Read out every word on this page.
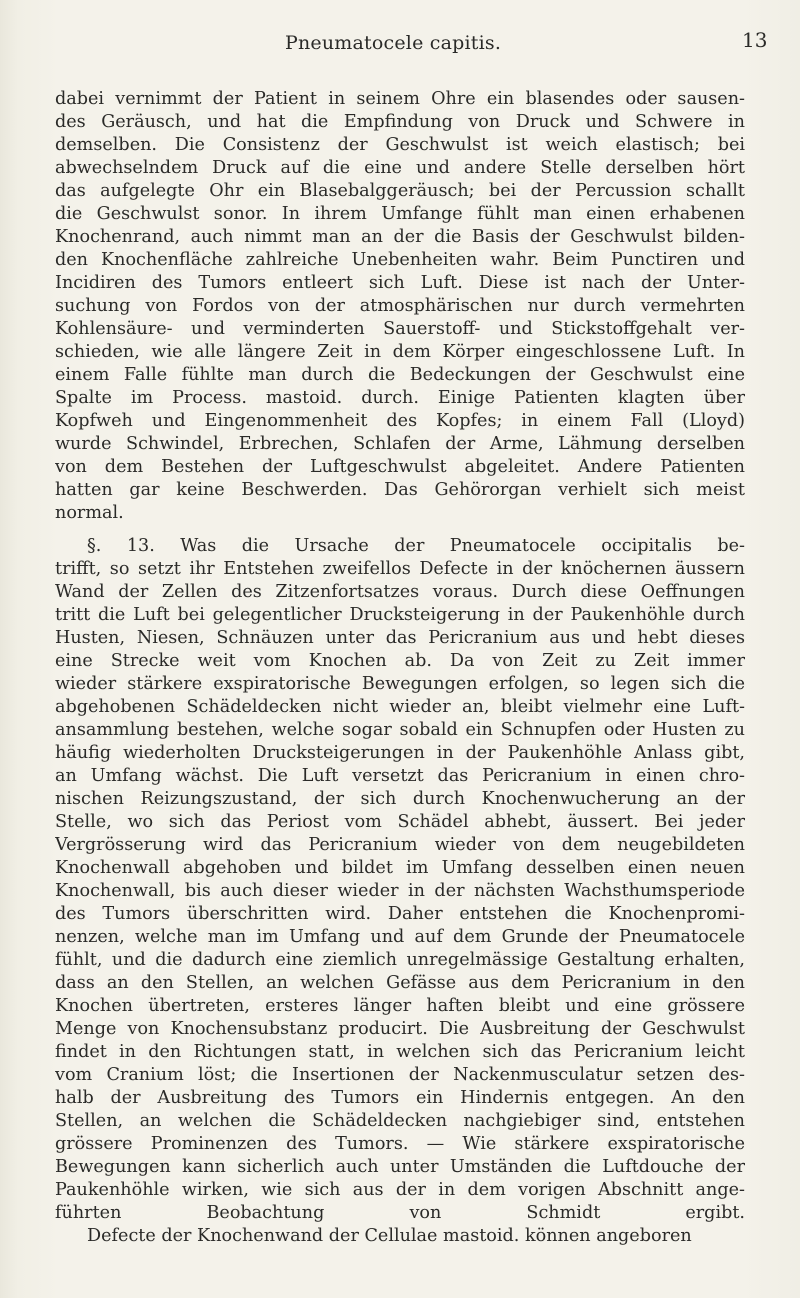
Pneumatocele capitis.	13
dabei vernimmt der Patient in seinem Ohre ein blasendes oder sausen-
des Geräusch, und hat die Empfindung von Druck und Schwere in
demselben. Die Consistenz der Geschwulst ist weich elastisch; bei
abwechselndem Druck auf die eine und andere Stelle derselben hört
das aufgelegte Ohr ein Blasebalggeräusch; bei der Percussion schallt
die Geschwulst sonor. In ihrem Umfange fühlt man einen erhabenen
Knochenrand, auch nimmt man an der die Basis der Geschwulst bilden-
den Knochenfläche zahlreiche Unebenheiten wahr. Beim Punctiren und
Incidiren des Tumors entleert sich Luft. Diese ist nach der Unter-
suchung von Fordos von der atmosphärischen nur durch vermehrten
Kohlensäure- und verminderten Sauerstoff- und Stickstoffgehalt ver-
schieden, wie alle längere Zeit in dem Körper eingeschlossene Luft. In
einem Falle fühlte man durch die Bedeckungen der Geschwulst eine
Spalte im Process. mastoid. durch. Einige Patienten klagten über
Kopfweh und Eingenommenheit des Kopfes; in einem Fall (Lloyd)
wurde Schwindel, Erbrechen, Schlafen der Arme, Lähmung derselben
von dem Bestehen der Luftgeschwulst abgeleitet. Andere Patienten
hatten gar keine Beschwerden. Das Gehörorgan verhielt sich meist
normal.
§. 13. Was die Ursache der Pneumatocele occipitalis be-
trifft, so setzt ihr Entstehen zweifellos Defecte in der knöchernen äussern
Wand der Zellen des Zitzenfortsatzes voraus. Durch diese Oeffnungen
tritt die Luft bei gelegentlicher Drucksteigerung in der Paukenhöhle durch
Husten, Niesen, Schnäuzen unter das Pericranium aus und hebt dieses
eine Strecke weit vom Knochen ab. Da von Zeit zu Zeit immer
wieder stärkere exspiratorische Bewegungen erfolgen, so legen sich die
abgehobenen Schädeldecken nicht wieder an, bleibt vielmehr eine Luft-
ansammlung bestehen, welche sogar sobald ein Schnupfen oder Husten zu
häufig wiederholten Drucksteigerungen in der Paukenhöhle Anlass gibt,
an Umfang wächst. Die Luft versetzt das Pericranium in einen chro-
nischen Reizungszustand, der sich durch Knochenwucherung an der
Stelle, wo sich das Periost vom Schädel abhebt, äussert. Bei jeder
Vergrösserung wird das Pericranium wieder von dem neugebildeten
Knochenwall abgehoben und bildet im Umfang desselben einen neuen
Knochenwall, bis auch dieser wieder in der nächsten Wachsthumsperiode
des Tumors überschritten wird. Daher entstehen die Knochenpromi-
nenzen, welche man im Umfang und auf dem Grunde der Pneumatocele
fühlt, und die dadurch eine ziemlich unregelmässige Gestaltung erhalten,
dass an den Stellen, an welchen Gefässe aus dem Pericranium in den
Knochen übertreten, ersteres länger haften bleibt und eine grössere
Menge von Knochensubstanz producirt. Die Ausbreitung der Geschwulst
findet in den Richtungen statt, in welchen sich das Pericranium leicht
vom Cranium löst; die Insertionen der Nackenmusculatur setzen des-
halb der Ausbreitung des Tumors ein Hindernis entgegen. An den
Stellen, an welchen die Schädeldecken nachgiebiger sind, entstehen
grössere Prominenzen des Tumors. — Wie stärkere exspiratorische
Bewegungen kann sicherlich auch unter Umständen die Luftdouche der
Paukenhöhle wirken, wie sich aus der in dem vorigen Abschnitt ange-
führten Beobachtung von Schmidt ergibt.
Defecte der Knochenwand der Cellulae mastoid. können angeboren
